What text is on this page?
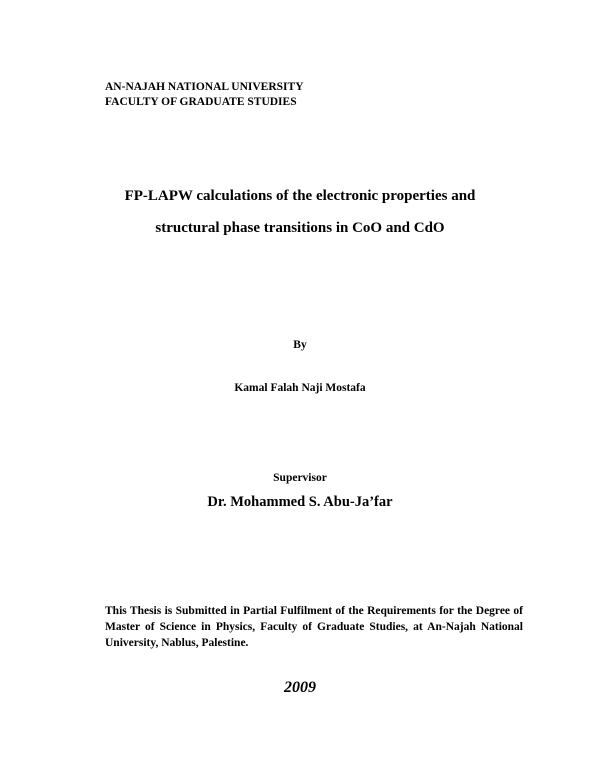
AN-NAJAH NATIONAL UNIVERSITY

FACULTY OF GRADUATE STUDIES

FP-LAPW calculations of the electronic properties and
structural phase transitions in CoO and CdO

By

Kamal Falah Naji Mostafa

Supervisor

Dr. Mohammed S. Abu-Ja’far

This Thesis is Submitted in Partial Fulfilment of the Requirements for the Degree of Master of Science in Physics, Faculty of Graduate Studies, at An-Najah National University, Nablus, Palestine.

2009
